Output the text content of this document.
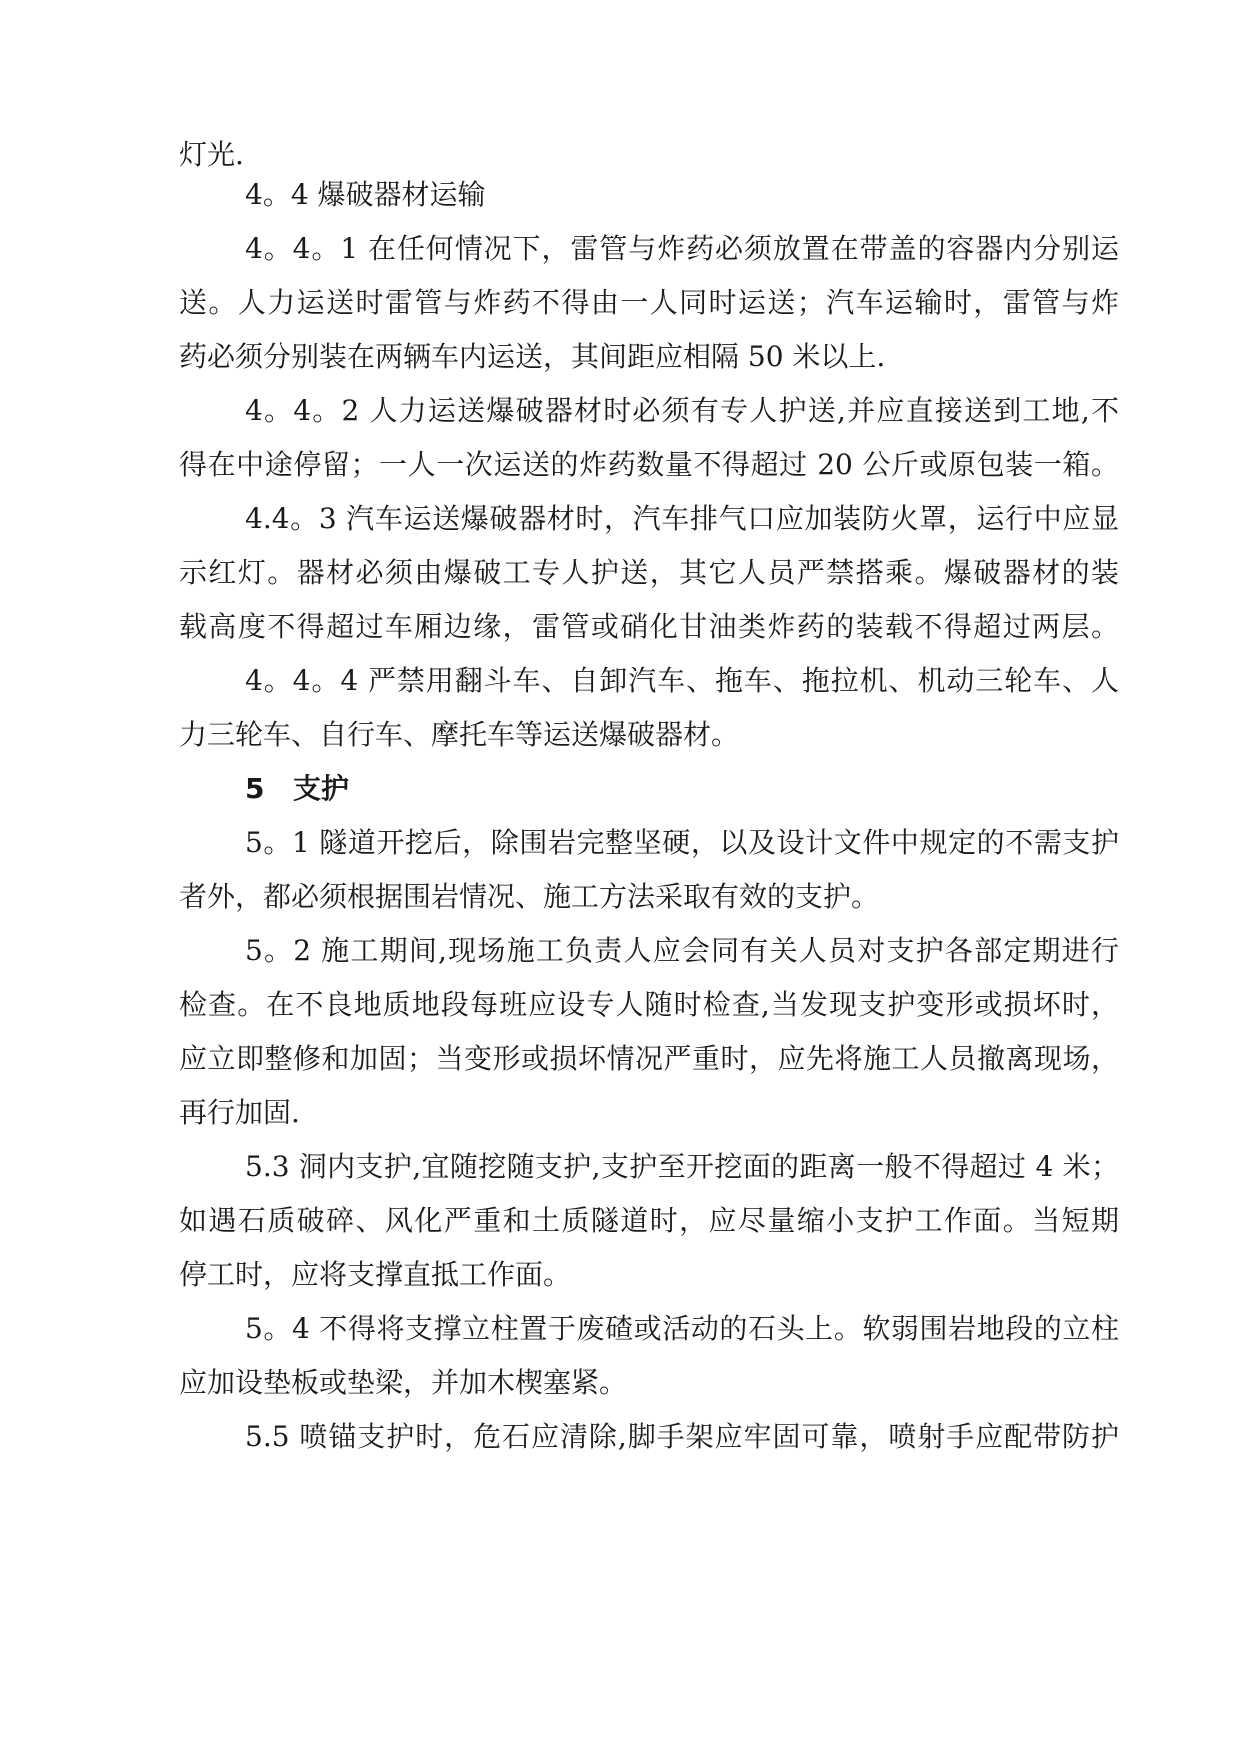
灯光.
4。4 爆破器材运输
4。4。1 在任何情况下，雷管与炸药必须放置在带盖的容器内分别运
送。人力运送时雷管与炸药不得由一人同时运送；汽车运输时，雷管与炸
药必须分别装在两辆车内运送，其间距应相隔 50 米以上.
4。4。2 人力运送爆破器材时必须有专人护送,并应直接送到工地,不
得在中途停留；一人一次运送的炸药数量不得超过 20 公斤或原包装一箱。
4.4。3 汽车运送爆破器材时，汽车排气口应加装防火罩，运行中应显
示红灯。器材必须由爆破工专人护送，其它人员严禁搭乘。爆破器材的装
载高度不得超过车厢边缘，雷管或硝化甘油类炸药的装载不得超过两层。
4。4。4 严禁用翻斗车、自卸汽车、拖车、拖拉机、机动三轮车、人
力三轮车、自行车、摩托车等运送爆破器材。
5 支护
5。1 隧道开挖后，除围岩完整坚硬，以及设计文件中规定的不需支护
者外，都必须根据围岩情况、施工方法采取有效的支护。
5。2 施工期间,现场施工负责人应会同有关人员对支护各部定期进行
检查。在不良地质地段每班应设专人随时检查,当发现支护变形或损坏时，
应立即整修和加固；当变形或损坏情况严重时，应先将施工人员撤离现场，
再行加固.
5.3 洞内支护,宜随挖随支护,支护至开挖面的距离一般不得超过 4 米；
如遇石质破碎、风化严重和土质隧道时，应尽量缩小支护工作面。当短期
停工时，应将支撑直抵工作面。
5。4 不得将支撑立柱置于废碴或活动的石头上。软弱围岩地段的立柱
应加设垫板或垫梁，并加木楔塞紧。
5.5 喷锚支护时，危石应清除,脚手架应牢固可靠，喷射手应配带防护
